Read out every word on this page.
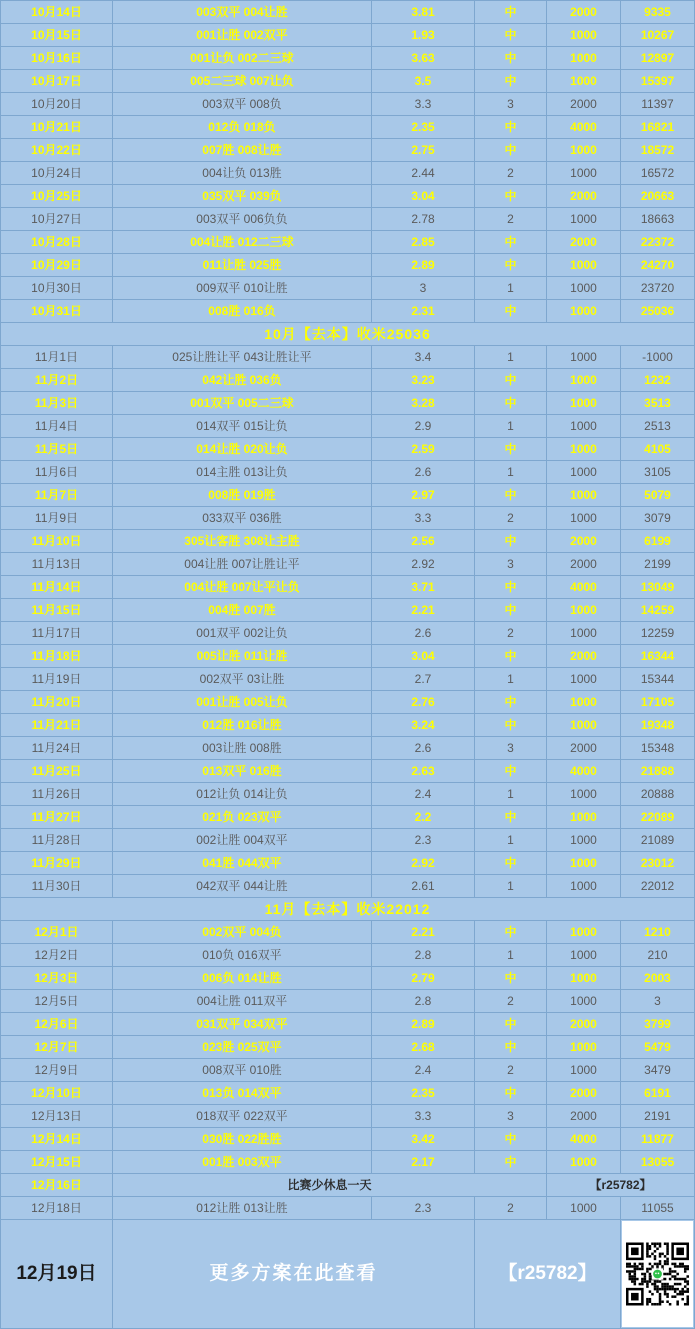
10月14日	003双平 004让胜	3.81	中	2000	9335
10月15日	001让胜 002双平	1.93	中	1000	10267
10月16日	001让负 002二三球	3.63	中	1000	12897
10月17日	005二三球 007让负	3.5	中	1000	15397
10月20日	003双平 008负	3.3	3	2000	11397
10月21日	012负 018负	2.35	中	4000	16821
10月22日	007胜 008让胜	2.75	中	1000	18572
10月24日	004让负 013胜	2.44	2	1000	16572
10月25日	035双平 039负	3.04	中	2000	20663
10月27日	003双平 006负负	2.78	2	1000	18663
10月28日	004让胜 012二三球	2.85	中	2000	22372
10月29日	011让胜 025胜	2.89	中	1000	24270
10月30日	009双平 010让胜	3	1	1000	23720
10月31日	008胜 016负	2.31	中	1000	25036
10月【去本】收米25036					
11月1日	025让胜让平 043让胜让平	3.4	1	1000	-1000
11月2日	042让胜 036负	3.23	中	1000	1232
11月3日	001双平 005二三球	3.28	中	1000	3513
11月4日	014双平 015让负	2.9	1	1000	2513
11月5日	014让胜 020让负	2.59	中	1000	4105
11月6日	014主胜 013让负	2.6	1	1000	3105
11月7日	008胜 019胜	2.97	中	1000	5079
11月9日	033双平 036胜	3.3	2	1000	3079
11月10日	305让客胜 308让主胜	2.56	中	2000	6199
11月13日	004让胜 007让胜让平	2.92	3	2000	2199
11月14日	004让胜 007让平让负	3.71	中	4000	13049
11月15日	004胜 007胜	2.21	中	1000	14259
11月17日	001双平 002让负	2.6	2	1000	12259
11月18日	005让胜 011让胜	3.04	中	2000	16344
11月19日	002双平 03让胜	2.7	1	1000	15344
11月20日	001让胜 005让负	2.76	中	1000	17105
11月21日	012胜 016让胜	3.24	中	1000	19348
11月24日	003让胜 008胜	2.6	3	2000	15348
11月25日	013双平 016胜	2.63	中	4000	21888
11月26日	012让负 014让负	2.4	1	1000	20888
11月27日	021负 023双平	2.2	中	1000	22089
11月28日	002让胜 004双平	2.3	1	1000	21089
11月29日	041胜 044双平	2.92	中	1000	23012
11月30日	042双平 044让胜	2.61	1	1000	22012
11月【去本】收米22012					
12月1日	002双平 004负	2.21	中	1000	1210
12月2日	010负 016双平	2.8	1	1000	210
12月3日	006负 014让胜	2.79	中	1000	2003
12月5日	004让胜 011双平	2.8	2	1000	3
12月6日	031双平 034双平	2.89	中	2000	3799
12月7日	023胜 025双平	2.68	中	1000	5479
12月9日	008双平 010胜	2.4	2	1000	3479
12月10日	013负 014双平	2.35	中	2000	6191
12月13日	018双平 022双平	3.3	3	2000	2191
12月14日	030胜 022胜胜	3.42	中	4000	11877
12月15日	001胜 003双平	2.17	中	1000	13055
12月16日	比赛少休息一天			【r25782】	
12月18日	012让胜 013让胜	2.3	2	1000	11055
12月19日	更多方案在此查看		【r25782】	
